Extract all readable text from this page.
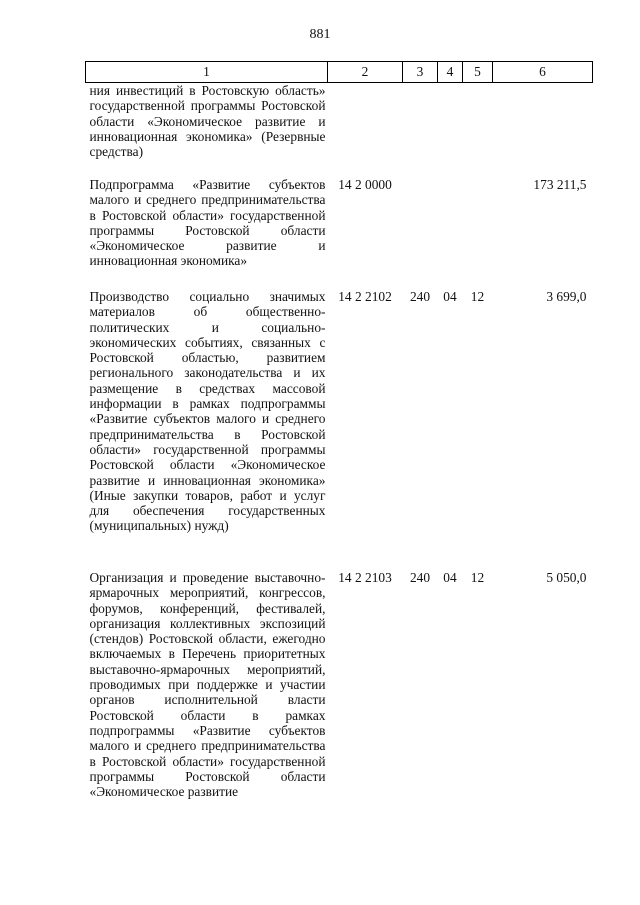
881
1	2	3	4	5	6
ния инвестиций в Ростовскую область» государственной программы Ростовской области «Экономическое развитие и инновационная экономика» (Резервные средства)					
Подпрограмма «Развитие субъектов малого и среднего предпринимательства в Ростовской области» государственной программы Ростовской области «Экономическое развитие и инновационная экономика»	14 2 0000				173 211,5
Производство социально значимых материалов об общественно-политических и социально-экономических событиях, связанных с Ростовской областью, развитием регионального законодательства и их размещение в средствах массовой информации в рамках подпрограммы «Развитие субъектов малого и среднего предпринимательства в Ростовской области» государственной программы Ростовской области «Экономическое развитие и инновационная экономика» (Иные закупки товаров, работ и услуг для обеспечения государственных (муниципальных) нужд)	14 2 2102	240	04	12	3 699,0
Организация и проведение выставочно-ярмарочных мероприятий, конгрессов, форумов, конференций, фестивалей, организация коллективных экспозиций (стендов) Ростовской области, ежегодно включаемых в Перечень приоритетных выставочно-ярмарочных мероприятий, проводимых при поддержке и участии органов исполнительной власти Ростовской области в рамках подпрограммы «Развитие субъектов малого и среднего предпринимательства в Ростовской области» государственной программы Ростовской области «Экономическое развитие	14 2 2103	240	04	12	5 050,0
